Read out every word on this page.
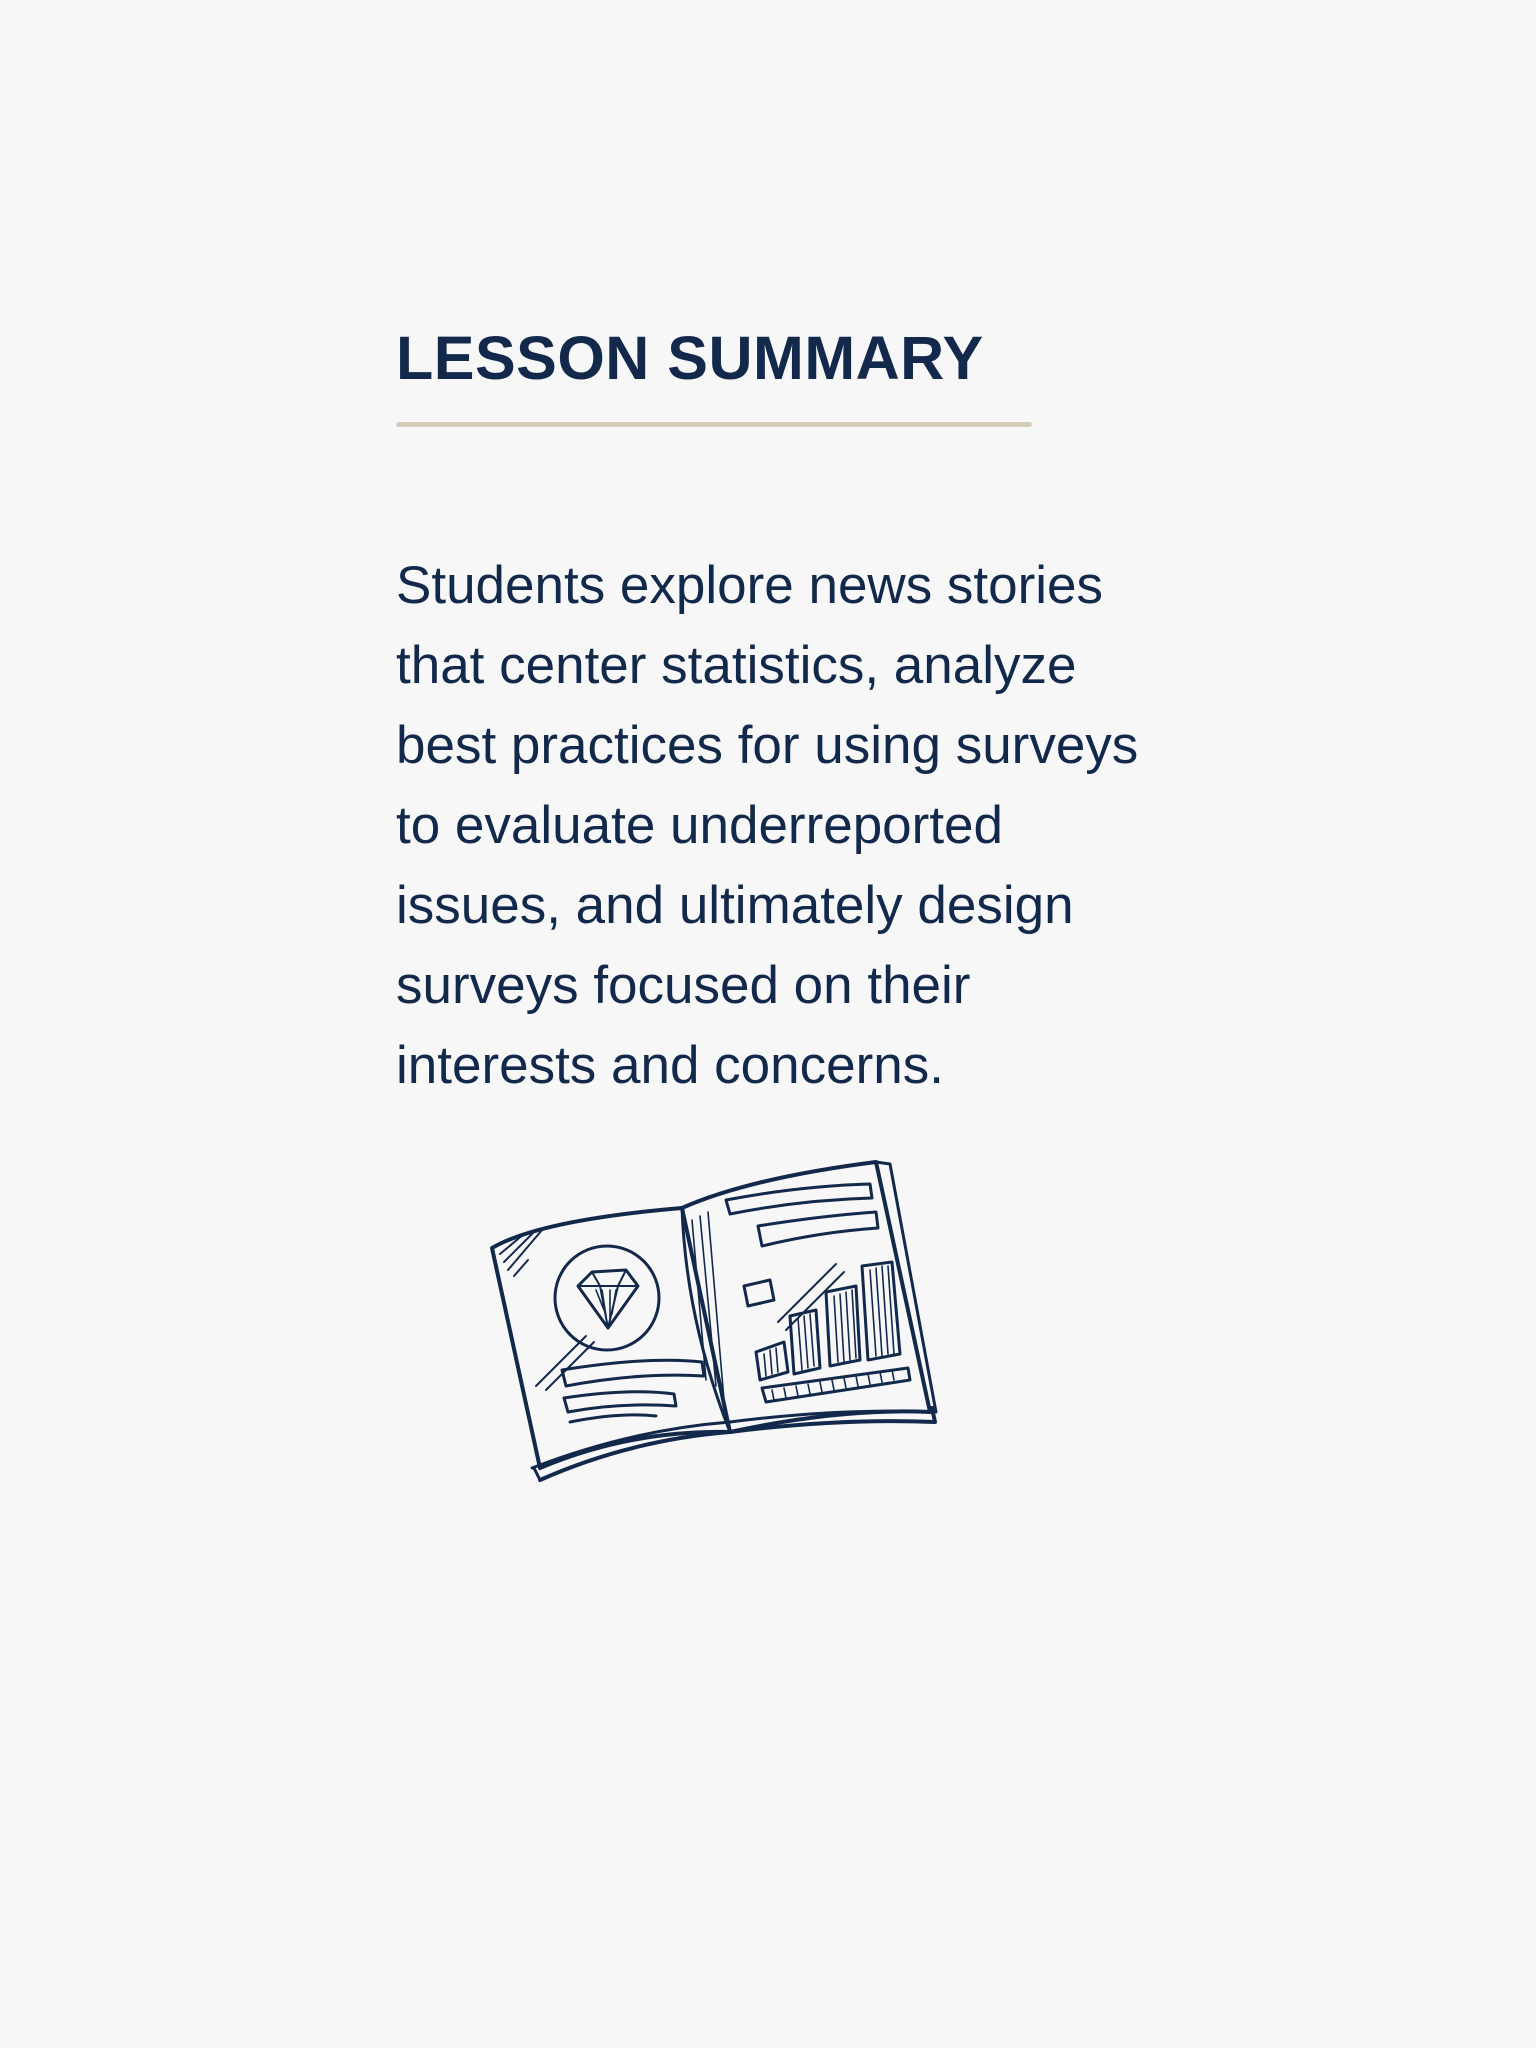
LESSON SUMMARY

Students explore news stories
that center statistics, analyze
best practices for using surveys
to evaluate underreported
issues, and ultimately design
surveys focused on their
interests and concerns.
